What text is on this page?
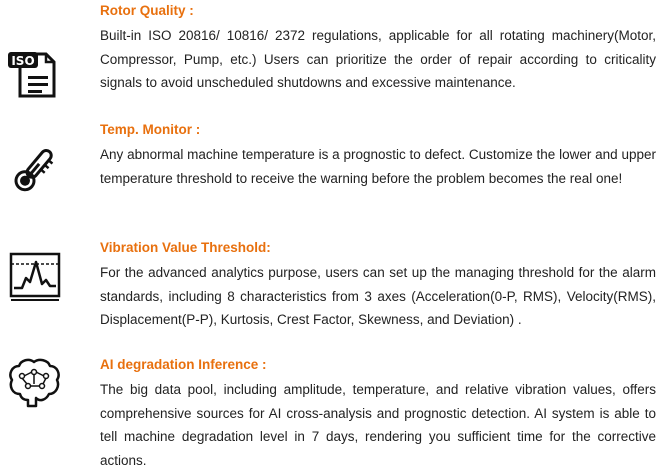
ISO
Rotor Quality :

Built-in ISO 20816/ 10816/ 2372 regulations, applicable for all rotating machinery(Motor, Compressor, Pump, etc.) Users can prioritize the order of repair according to criticality signals to avoid unscheduled shutdowns and excessive maintenance.

Temp. Monitor :

Any abnormal machine temperature is a prognostic to defect. Customize the lower and upper temperature threshold to receive the warning before the problem becomes the real one!

Vibration Value Threshold:

For the advanced analytics purpose, users can set up the managing threshold for the alarm standards, including 8 characteristics from 3 axes (Acceleration(0-P, RMS), Velocity(RMS), Displacement(P-P), Kurtosis, Crest Factor, Skewness, and Deviation) .

AI degradation Inference :

The big data pool, including amplitude, temperature, and relative vibration values, offers comprehensive sources for AI cross-analysis and prognostic detection. AI system is able to tell machine degradation level in 7 days, rendering you sufficient time for the corrective actions.
